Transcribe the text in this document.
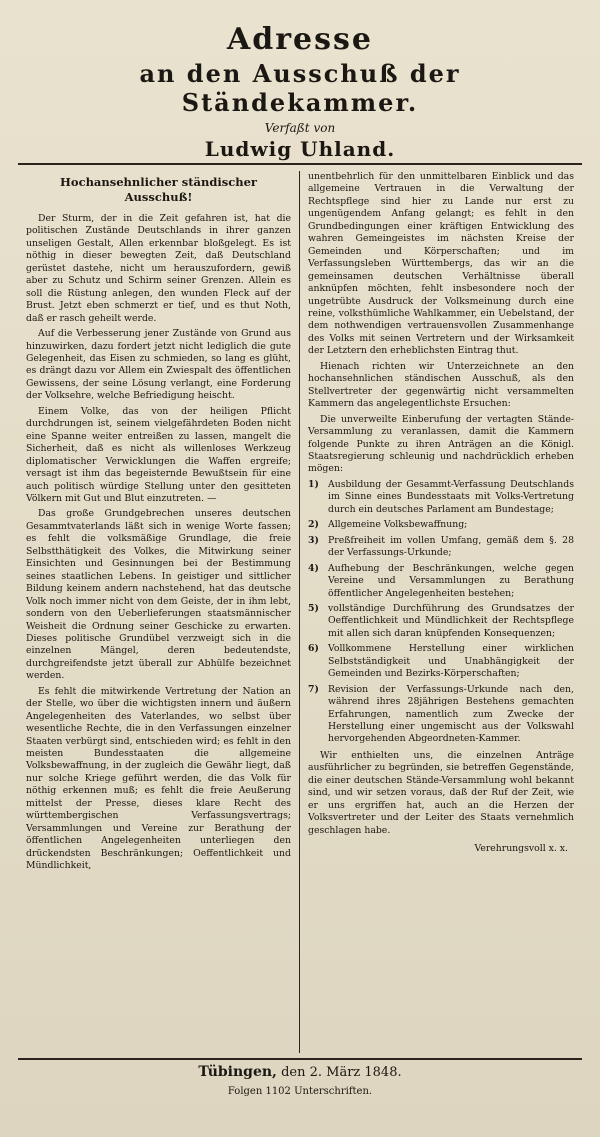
Adresse
an den Ausschuß der Ständekammer.
Verfaßt von
Ludwig Uhland.
Hochansehnlicher ständischer Ausschuß!

Der Sturm, der in die Zeit gefahren ist, hat die politischen Zustände Deutschlands in ihrer ganzen unseligen Gestalt, Allen erkennbar bloßgelegt. Es ist nöthig in dieser bewegten Zeit, daß Deutschland gerüstet dastehe, nicht um herauszufordern, gewiß aber zu Schutz und Schirm seiner Grenzen. Allein es soll die Rüstung anlegen, den wunden Fleck auf der Brust. Jetzt eben schmerzt er tief, und es thut Noth, daß er rasch geheilt werde.

Auf die Verbesserung jener Zustände von Grund aus hinzuwirken, dazu fordert jetzt nicht lediglich die gute Gelegenheit, das Eisen zu schmieden, so lang es glüht, es drängt dazu vor Allem ein Zwiespalt des öffentlichen Gewissens, der seine Lösung verlangt, eine Forderung der Volksehre, welche Befriedigung heischt.

Einem Volke, das von der heiligen Pflicht durchdrungen ist, seinem vielgefährdeten Boden nicht eine Spanne weiter entreißen zu lassen, mangelt die Sicherheit, daß es nicht als willenloses Werkzeug diplomatischer Verwicklungen die Waffen ergreife; versagt ist ihm das begeisternde Bewußtsein für eine auch politisch würdige Stellung unter den gesitteten Völkern mit Gut und Blut einzutreten. —

Das große Grundgebrechen unseres deutschen Gesammtvaterlands läßt sich in wenige Worte fassen; es fehlt die volksmäßige Grundlage, die freie Selbstthätigkeit des Volkes, die Mitwirkung seiner Einsichten und Gesinnungen bei der Bestimmung seines staatlichen Lebens. In geistiger und sittlicher Bildung keinem andern nachstehend, hat das deutsche Volk noch immer nicht von dem Geiste, der in ihm lebt, sondern von den Ueberlieferungen staatsmännischer Weisheit die Ordnung seiner Geschicke zu erwarten. Dieses politische Grundübel verzweigt sich in die einzelnen Mängel, deren bedeutendste, durchgreifendste jetzt überall zur Abhülfe bezeichnet werden.

Es fehlt die mitwirkende Vertretung der Nation an der Stelle, wo über die wichtigsten innern und äußern Angelegenheiten des Vaterlandes, wo selbst über wesentliche Rechte, die in den Verfassungen einzelner Staaten verbürgt sind, entschieden wird; es fehlt in den meisten Bundesstaaten die allgemeine Volksbewaffnung, in der zugleich die Gewähr liegt, daß nur solche Kriege geführt werden, die das Volk für nöthig erkennen muß; es fehlt die freie Aeußerung mittelst der Presse, dieses klare Recht des württembergischen Verfassungsvertrags; Versammlungen und Vereine zur Berathung der öffentlichen Angelegenheiten unterliegen den drückendsten Beschränkungen; Oeffentlichkeit und Mündlichkeit,

unentbehrlich für den unmittelbaren Einblick und das allgemeine Vertrauen in die Verwaltung der Rechtspflege sind hier zu Lande nur erst zu ungenügendem Anfang gelangt; es fehlt in den Grundbedingungen einer kräftigen Entwicklung des wahren Gemeingeistes im nächsten Kreise der Gemeinden und Körperschaften; und im Verfassungsleben Württembergs, das wir an die gemeinsamen deutschen Verhältnisse überall anknüpfen möchten, fehlt insbesondere noch der ungetrübte Ausdruck der Volksmeinung durch eine reine, volksthümliche Wahlkammer, ein Uebelstand, der dem nothwendigen vertrauensvollen Zusammenhange des Volks mit seinen Vertretern und der Wirksamkeit der Letztern den erheblichsten Eintrag thut.

Hienach richten wir Unterzeichnete an den hochansehnlichen ständischen Ausschuß, als den Stellvertreter der gegenwärtig nicht versammelten Kammern das angelegentlichste Ersuchen:

Die unverweilte Einberufung der vertagten Stände-Versammlung zu veranlassen, damit die Kammern folgende Punkte zu ihren Anträgen an die Königl. Staatsregierung schleunig und nachdrücklich erheben mögen:

1) Ausbildung der Gesammt-Verfassung Deutschlands im Sinne eines Bundesstaats mit Volks-Vertretung durch ein deutsches Parlament am Bundestage;
2) Allgemeine Volksbewaffnung;
3) Preßfreiheit im vollen Umfang, gemäß dem §. 28 der Verfassungs-Urkunde;
4) Aufhebung der Beschränkungen, welche gegen Vereine und Versammlungen zu Berathung öffentlicher Angelegenheiten bestehen;
5) vollständige Durchführung des Grundsatzes der Oeffentlichkeit und Mündlichkeit der Rechtspflege mit allen sich daran knüpfenden Konsequenzen;
6) Vollkommene Herstellung einer wirklichen Selbstständigkeit und Unabhängigkeit der Gemeinden und Bezirks-Körperschaften;
7) Revision der Verfassungs-Urkunde nach den, während ihres 28jährigen Bestehens gemachten Erfahrungen, namentlich zum Zwecke der Herstellung einer ungemischt aus der Volkswahl hervorgehenden Abgeordneten-Kammer.

Wir enthielten uns, die einzelnen Anträge ausführlicher zu begründen, sie betreffen Gegenstände, die einer deutschen Stände-Versammlung wohl bekannt sind, und wir setzen voraus, daß der Ruf der Zeit, wie er uns ergriffen hat, auch an die Herzen der Volksvertreter und der Leiter des Staats vernehmlich geschlagen habe.

Verehrungsvoll x. x.
Tübingen, den 2. März 1848.
Folgen 1102 Unterschriften.
